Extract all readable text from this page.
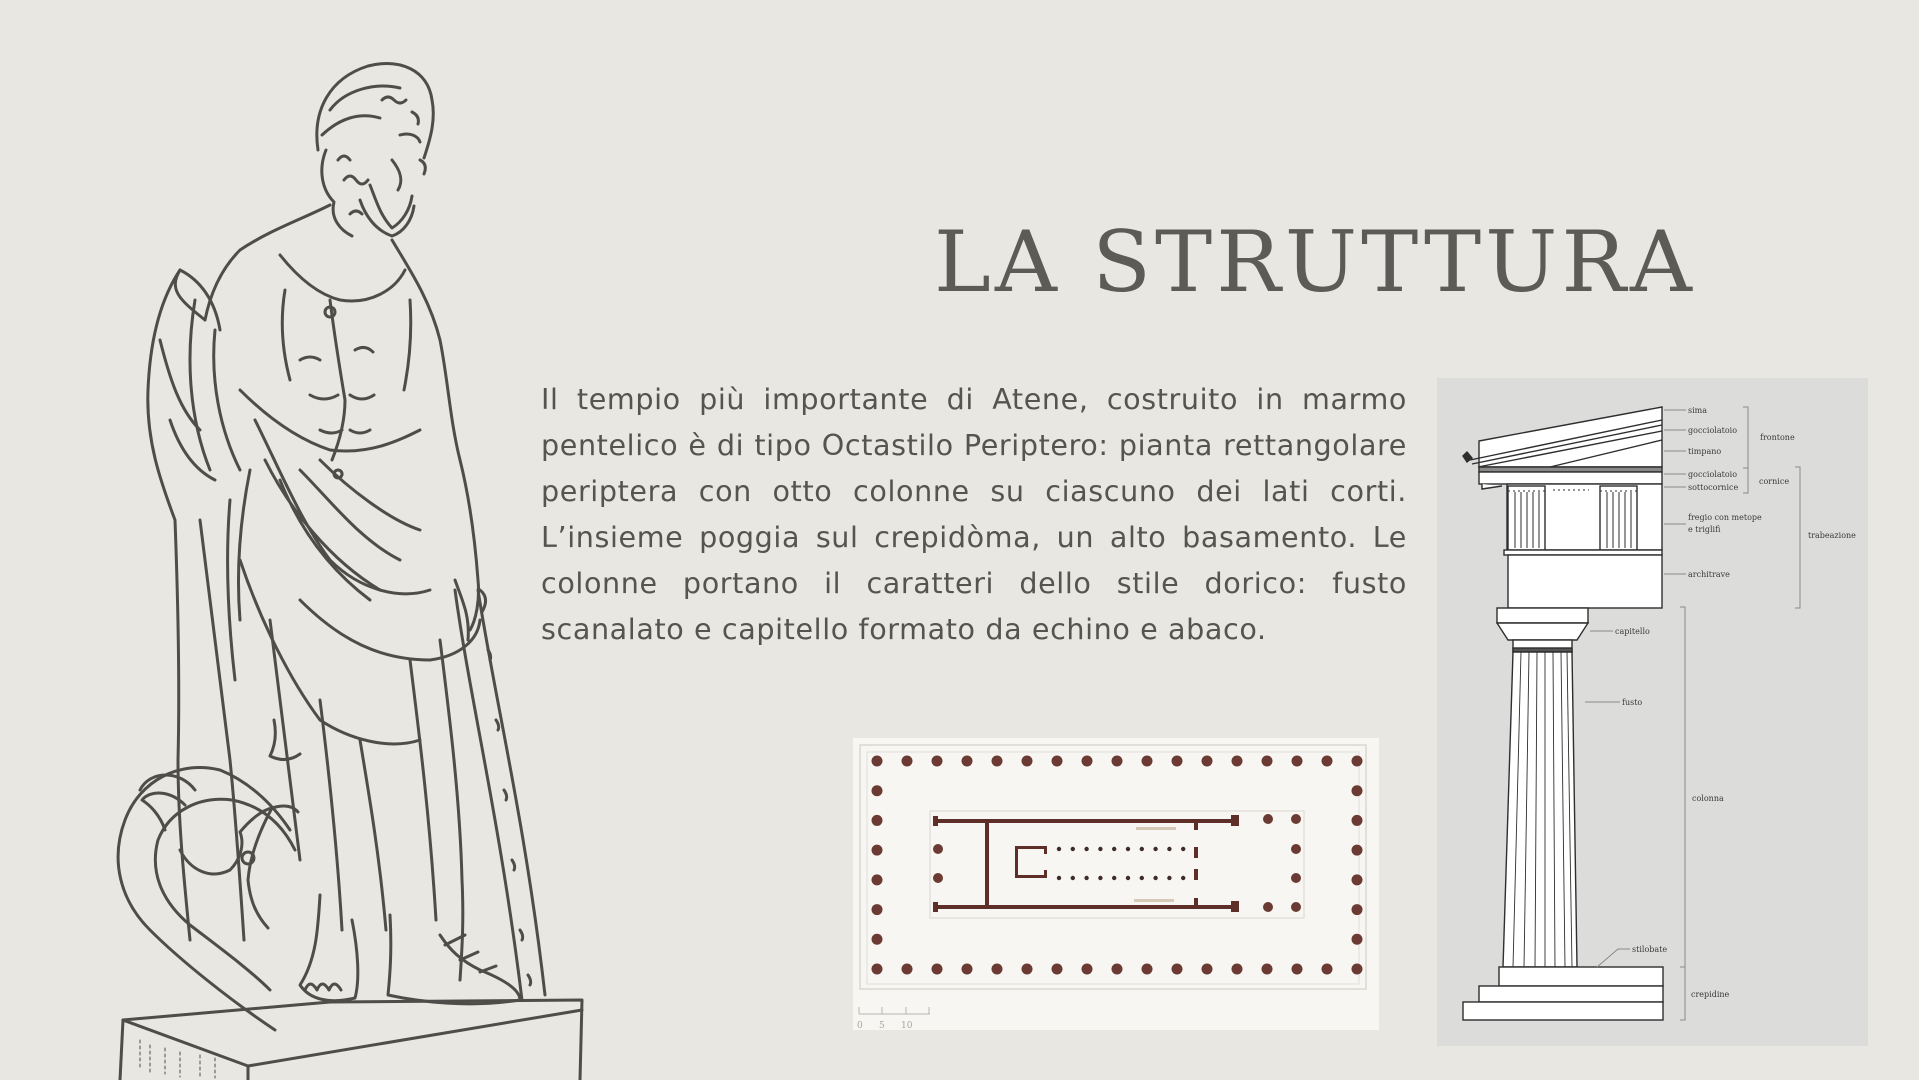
LA STRUTTURA
Il tempio più importante di Atene, costruito in marmo pentelico è di tipo Octastilo Periptero: pianta rettangolare periptera con otto colonne su ciascuno dei lati corti. L’insieme poggia sul crepidòma, un alto basamento. Le colonne portano il caratteri dello stile dorico: fusto scanalato e capitello formato da echino e abaco.
0 5 10
sima
gocciolatoio
timpano
gocciolatoio
sottocornice
fregio con metope
e triglifi
architrave
capitello
fusto
stilobate
frontone
cornice
trabeazione
colonna
crepidine
